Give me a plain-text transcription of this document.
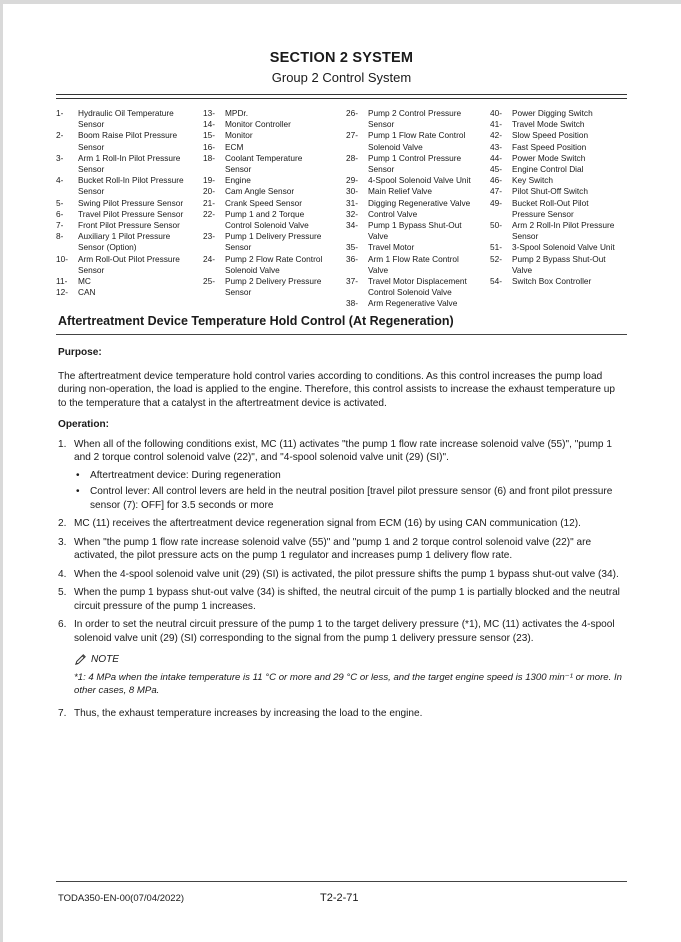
SECTION 2 SYSTEM
Group 2 Control System
1- Hydraulic Oil Temperature Sensor
2- Boom Raise Pilot Pressure Sensor
3- Arm 1 Roll-In Pilot Pressure Sensor
4- Bucket Roll-In Pilot Pressure Sensor
5- Swing Pilot Pressure Sensor
6- Travel Pilot Pressure Sensor
7- Front Pilot Pressure Sensor
8- Auxiliary 1 Pilot Pressure Sensor (Option)
10- Arm Roll-Out Pilot Pressure Sensor
11- MC
12- CAN
13- MPDr.
14- Monitor Controller
15- Monitor
16- ECM
18- Coolant Temperature Sensor
19- Engine
20- Cam Angle Sensor
21- Crank Speed Sensor
22- Pump 1 and 2 Torque Control Solenoid Valve
23- Pump 1 Delivery Pressure Sensor
24- Pump 2 Flow Rate Control Solenoid Valve
25- Pump 2 Delivery Pressure Sensor
26- Pump 2 Control Pressure Sensor
27- Pump 1 Flow Rate Control Solenoid Valve
28- Pump 1 Control Pressure Sensor
29- 4-Spool Solenoid Valve Unit
30- Main Relief Valve
31- Digging Regenerative Valve
32- Control Valve
34- Pump 1 Bypass Shut-Out Valve
35- Travel Motor
36- Arm 1 Flow Rate Control Valve
37- Travel Motor Displacement Control Solenoid Valve
38- Arm Regenerative Valve
40- Power Digging Switch
41- Travel Mode Switch
42- Slow Speed Position
43- Fast Speed Position
44- Power Mode Switch
45- Engine Control Dial
46- Key Switch
47- Pilot Shut-Off Switch
49- Bucket Roll-Out Pilot Pressure Sensor
50- Arm 2 Roll-In Pilot Pressure Sensor
51- 3-Spool Solenoid Valve Unit
52- Pump 2 Bypass Shut-Out Valve
54- Switch Box Controller
Aftertreatment Device Temperature Hold Control (At Regeneration)
Purpose:
The aftertreatment device temperature hold control varies according to conditions. As this control increases the pump load during non-operation, the load is applied to the engine. Therefore, this control assists to increase the exhaust temperature up to the temperature that a catalyst in the aftertreatment device is activated.
Operation:
1. When all of the following conditions exist, MC (11) activates "the pump 1 flow rate increase solenoid valve (55)", "pump 1 and 2 torque control solenoid valve (22)", and "4-spool solenoid valve unit (29) (SI)".
• Aftertreatment device: During regeneration
• Control lever: All control levers are held in the neutral position [travel pilot pressure sensor (6) and front pilot pressure sensor (7): OFF] for 3.5 seconds or more
2. MC (11) receives the aftertreatment device regeneration signal from ECM (16) by using CAN communication (12).
3. When "the pump 1 flow rate increase solenoid valve (55)" and "pump 1 and 2 torque control solenoid valve (22)" are activated, the pilot pressure acts on the pump 1 regulator and increases pump 1 delivery flow rate.
4. When the 4-spool solenoid valve unit (29) (SI) is activated, the pilot pressure shifts the pump 1 bypass shut-out valve (34).
5. When the pump 1 bypass shut-out valve (34) is shifted, the neutral circuit of the pump 1 is partially blocked and the neutral circuit pressure of the pump 1 increases.
6. In order to set the neutral circuit pressure of the pump 1 to the target delivery pressure (*1), MC (11) activates the 4-spool solenoid valve unit (29) (SI) corresponding to the signal from the pump 1 delivery pressure sensor (23).
NOTE
*1: 4 MPa when the intake temperature is 11 °C or more and 29 °C or less, and the target engine speed is 1300 min⁻¹ or more. In other cases, 8 MPa.
7. Thus, the exhaust temperature increases by increasing the load to the engine.
TODA350-EN-00(07/04/2022)	T2-2-71
